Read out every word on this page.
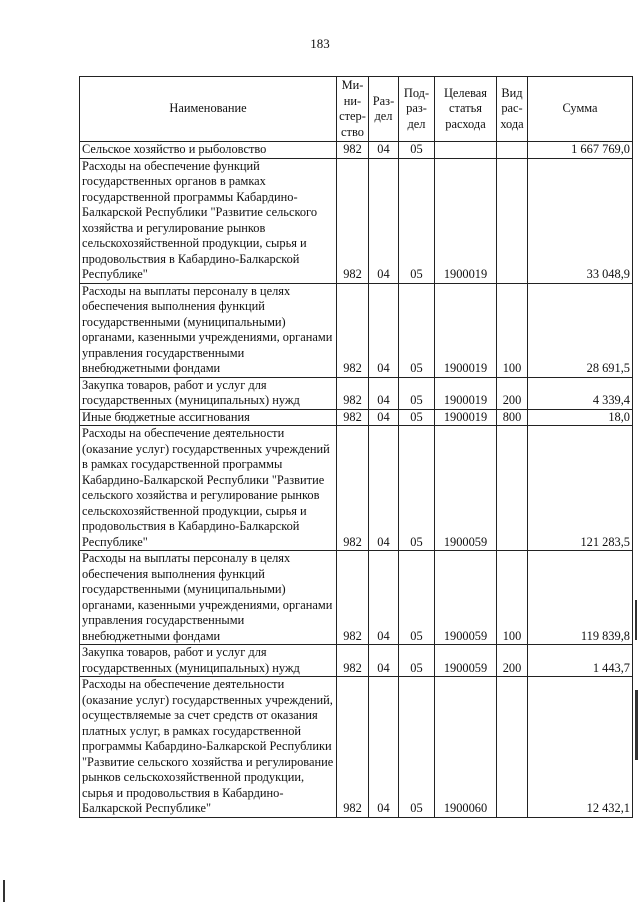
183
Наименование	Ми-
ни-
стер-
ство	Раз-
дел	Под-
раз-
дел	Целевая
статья
расхода	Вид
рас-
хода	Сумма
Сельское хозяйство и рыболовство	982	04	05			1 667 769,0
Расходы на обеспечение функций государственных органов в рамках государственной программы Кабардино-Балкарской Республики "Развитие сельского хозяйства и регулирование рынков сельскохозяйственной продукции, сырья и продовольствия в Кабардино-Балкарской Республике"	982	04	05	1900019		33 048,9
Расходы на выплаты персоналу в целях обеспечения выполнения функций государственными (муниципальными) органами, казенными учреждениями, органами управления государственными внебюджетными фондами	982	04	05	1900019	100	28 691,5
Закупка товаров, работ и услуг для государственных (муниципальных) нужд	982	04	05	1900019	200	4 339,4
Иные бюджетные ассигнования	982	04	05	1900019	800	18,0
Расходы на обеспечение деятельности (оказание услуг) государственных учреждений в рамках государственной программы Кабардино-Балкарской Республики "Развитие сельского хозяйства и регулирование рынков сельскохозяйственной продукции, сырья и продовольствия в Кабардино-Балкарской Республике"	982	04	05	1900059		121 283,5
Расходы на выплаты персоналу в целях обеспечения выполнения функций государственными (муниципальными) органами, казенными учреждениями, органами управления государственными внебюджетными фондами	982	04	05	1900059	100	119 839,8
Закупка товаров, работ и услуг для государственных (муниципальных) нужд	982	04	05	1900059	200	1 443,7
Расходы на обеспечение деятельности (оказание услуг) государственных учреждений, осуществляемые за счет средств от оказания платных услуг, в рамках государственной программы Кабардино-Балкарской Республики "Развитие сельского хозяйства и регулирование рынков сельскохозяйственной продукции, сырья и продовольствия в Кабардино-Балкарской Республике"	982	04	05	1900060		12 432,1
